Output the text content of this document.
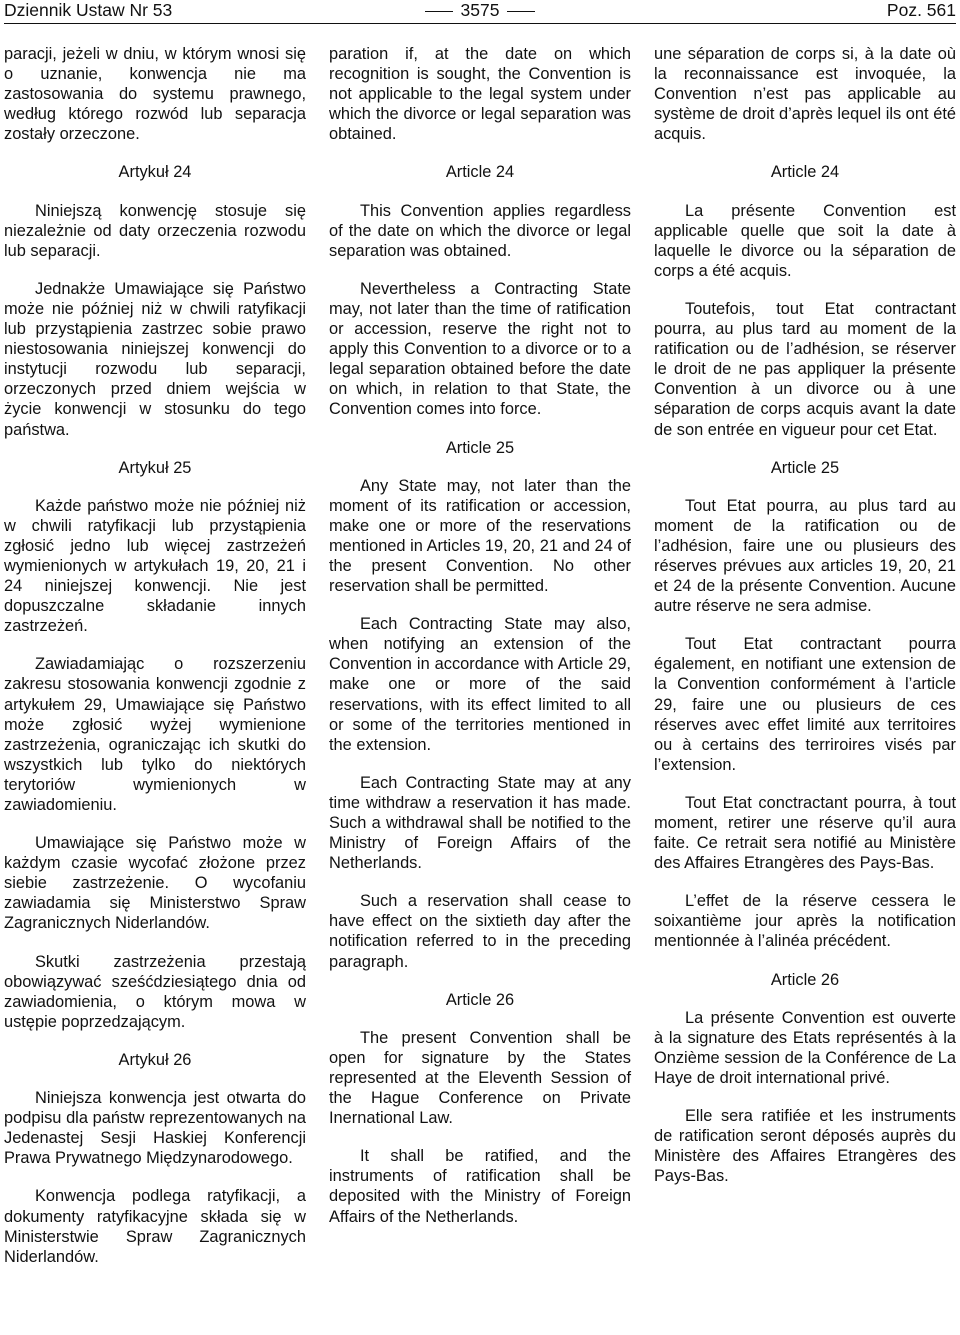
Dziennik Ustaw Nr 53	3575	Poz. 561

paracji, jeżeli w dniu, w którym wnosi się o uznanie, konwencja nie ma zastosowania do systemu prawnego, według którego rozwód lub separacja zostały orzeczone.

Artykuł 24

Niniejszą konwencję stosuje się niezależnie od daty orzeczenia rozwodu lub separacji.

Jednakże Umawiające się Państwo może nie później niż w chwili ratyfikacji lub przystąpienia zastrzec sobie prawo niestosowania niniejszej konwencji do instytucji rozwodu lub separacji, orzeczonych przed dniem wejścia w życie konwencji w stosunku do tego państwa.

Artykuł 25

Każde państwo może nie później niż w chwili ratyfikacji lub przystąpienia zgłosić jedno lub więcej zastrzeżeń wymienionych w artykułach 19, 20, 21 i 24 niniejszej konwencji. Nie jest dopuszczalne składanie innych zastrzeżeń.

Zawiadamiając o rozszerzeniu zakresu stosowania konwencji zgodnie z artykułem 29, Umawiające się Państwo może zgłosić wyżej wymienione zastrzeżenia, ograniczając ich skutki do wszystkich lub tylko do niektórych terytoriów wymienionych w zawiadomieniu.

Umawiające się Państwo może w każdym czasie wycofać złożone przez siebie zastrzeżenie. O wycofaniu zawiadamia się Ministerstwo Spraw Zagranicznych Niderlandów.

Skutki zastrzeżenia przestają obowiązywać sześćdziesiątego dnia od zawiadomienia, o którym mowa w ustępie poprzedzającym.

Artykuł 26

Niniejsza konwencja jest otwarta do podpisu dla państw reprezentowanych na Jedenastej Sesji Haskiej Konferencji Prawa Prywatnego Międzynarodowego.

Konwencja podlega ratyfikacji, a dokumenty ratyfikacyjne składa się w Ministerstwie Spraw Zagranicznych Niderlandów.

paration if, at the date on which recognition is sought, the Convention is not applicable to the legal system under which the divorce or legal separation was obtained.

Article 24

This Convention applies regardless of the date on which the divorce or legal separation was obtained.

Nevertheless a Contracting State may, not later than the time of ratification or accession, reserve the right not to apply this Convention to a divorce or to a legal separation obtained before the date on which, in relation to that State, the Convention comes into force.

Article 25

Any State may, not later than the moment of its ratification or accession, make one or more of the reservations mentioned in Articles 19, 20, 21 and 24 of the present Convention. No other reservation shall be permitted.

Each Contracting State may also, when notifying an extension of the Convention in accordance with Article 29, make one or more of the said reservations, with its effect limited to all or some of the territories mentioned in the extension.

Each Contracting State may at any time withdraw a reservation it has made. Such a withdrawal shall be notified to the Ministry of Foreign Affairs of the Netherlands.

Such a reservation shall cease to have effect on the sixtieth day after the notification referred to in the preceding paragraph.

Article 26

The present Convention shall be open for signature by the States represented at the Eleventh Session of the Hague Conference on Private Inernational Law.

It shall be ratified, and the instruments of ratification shall be deposited with the Ministry of Foreign Affairs of the Netherlands.

une séparation de corps si, à la date où la reconnaissance est invoquée, la Convention n’est pas applicable au système de droit d’après lequel ils ont été acquis.

Article 24

La présente Convention est applicable quelle que soit la date à laquelle le divorce ou la séparation de corps a été acquis.

Toutefois, tout Etat contractant pourra, au plus tard au moment de la ratification ou de l’adhésion, se réserver le droit de ne pas appliquer la présente Convention à un divorce ou à une séparation de corps acquis avant la date de son entrée en vigueur pour cet Etat.

Article 25

Tout Etat pourra, au plus tard au moment de la ratification ou de l’adhésion, faire une ou plusieurs des réserves prévues aux articles 19, 20, 21 et 24 de la présente Convention. Aucune autre réserve ne sera admise.

Tout Etat contractant pourra également, en notifiant une extension de la Convention conformément à l’article 29, faire une ou plusieurs de ces réserves avec effet limité aux territoires ou à certains des terriroires visés par l’extension.

Tout Etat conctractant pourra, à tout moment, retirer une réserve qu’il aura faite. Ce retrait sera notifié au Ministère des Affaires Etrangères des Pays-Bas.

L’effet de la réserve cessera le soixantième jour après la notification mentionnée à l’alinéa précédent.

Article 26

La présente Convention est ouverte à la signature des Etats représentés à la Onzième session de la Conférence de La Haye de droit international privé.

Elle sera ratifiée et les instruments de ratification seront déposés auprès du Ministère des Affaires Etrangères des Pays-Bas.
